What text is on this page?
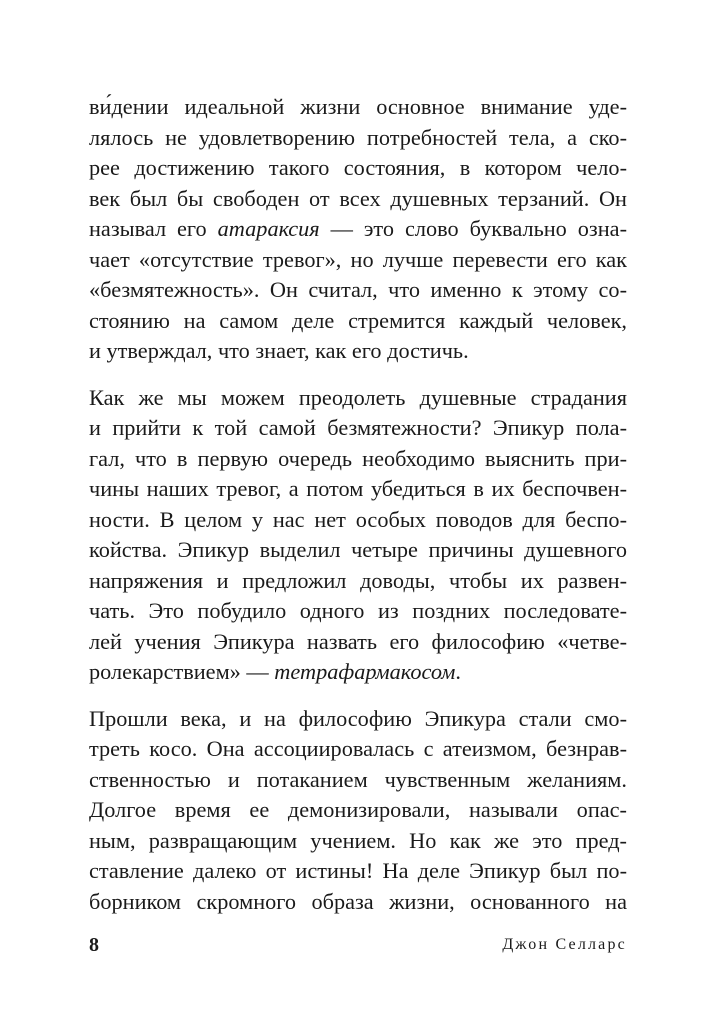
ви́дении идеальной жизни основное внимание уде-
лялось не удовлетворению потребностей тела, а ско-
рее достижению такого состояния, в котором чело-
век был бы свободен от всех душевных терзаний. Он
называл его атараксия — это слово буквально озна-
чает «отсутствие тревог», но лучше перевести его как
«безмятежность». Он считал, что именно к этому со-
стоянию на самом деле стремится каждый человек,
и утверждал, что знает, как его достичь.

Как же мы можем преодолеть душевные страдания
и прийти к той самой безмятежности? Эпикур пола-
гал, что в первую очередь необходимо выяснить при-
чины наших тревог, а потом убедиться в их беспочвен-
ности. В целом у нас нет особых поводов для беспо-
койства. Эпикур выделил четыре причины душевного
напряжения и предложил доводы, чтобы их развен-
чать. Это побудило одного из поздних последовате-
лей учения Эпикура назвать его философию «четве-
ролекарствием» — тетрафармакосом.

Прошли века, и на философию Эпикура стали смо-
треть косо. Она ассоциировалась с атеизмом, безнрав-
ственностью и потаканием чувственным желаниям.
Долгое время ее демонизировали, называли опас-
ным, развращающим учением. Но как же это пред-
ставление далеко от истины! На деле Эпикур был по-
борником скромного образа жизни, основанного на

8	Джон Селларс
